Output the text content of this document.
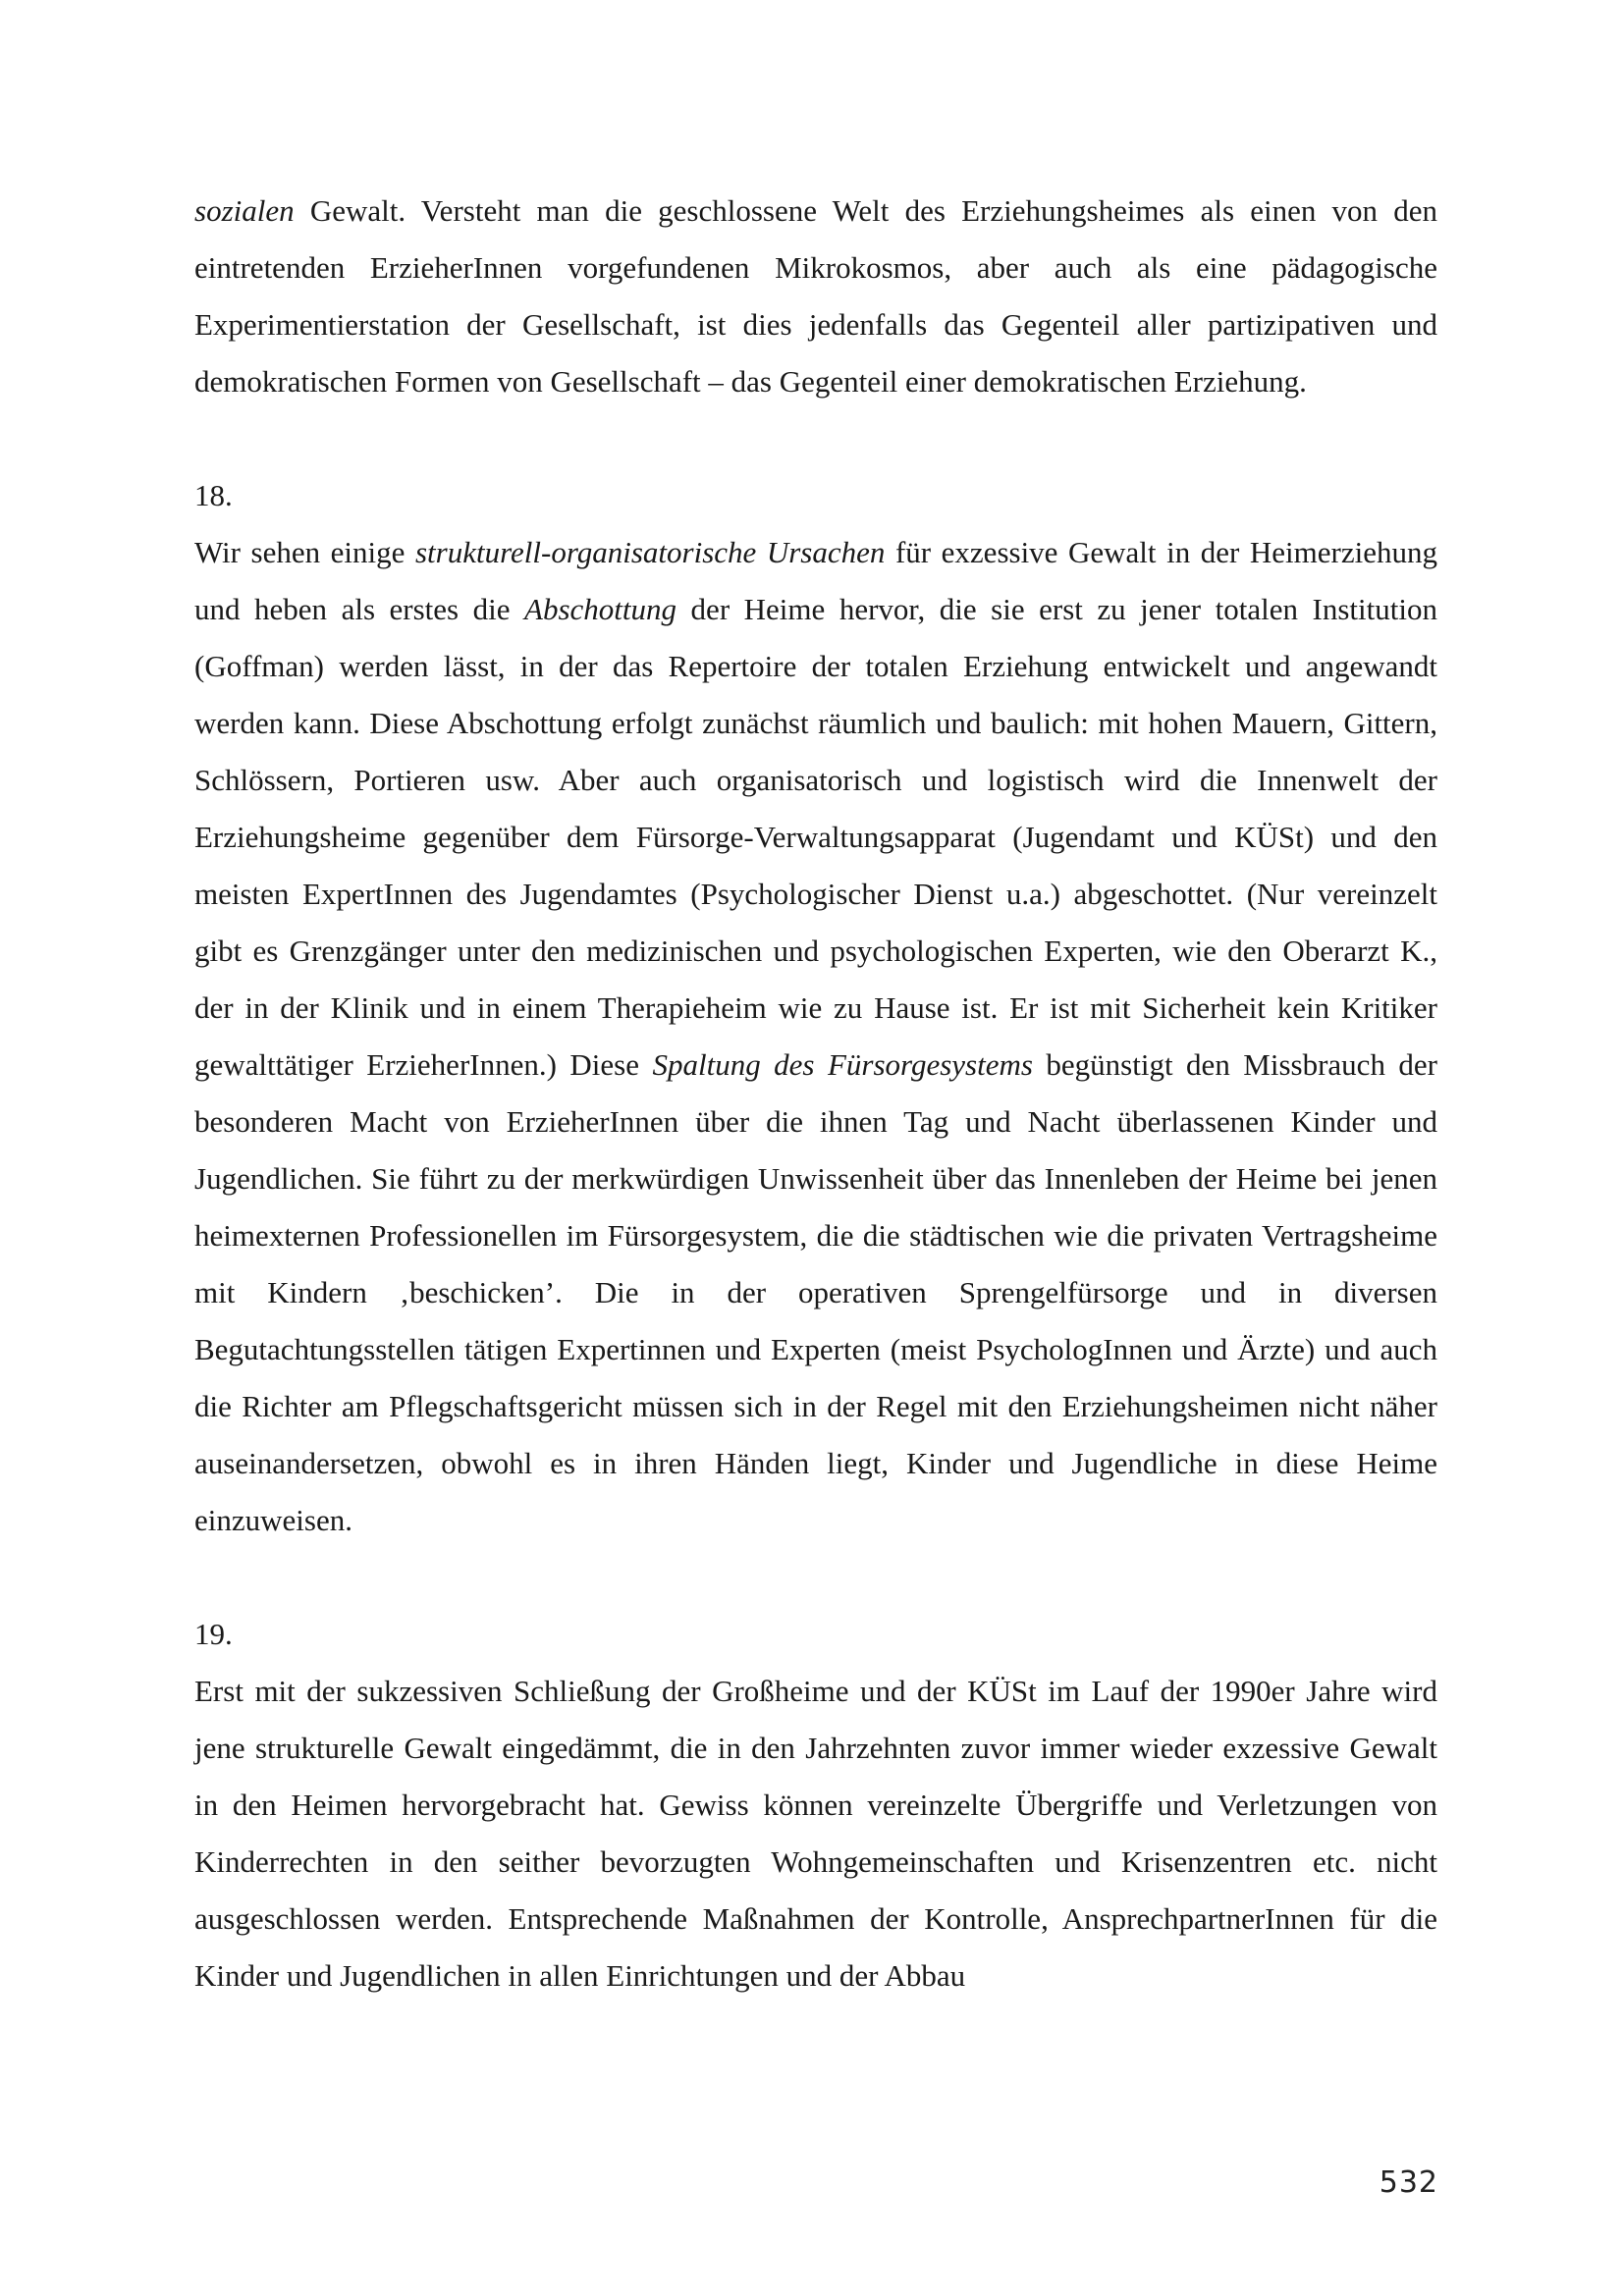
sozialen Gewalt. Versteht man die geschlossene Welt des Erziehungsheimes als einen von den eintretenden ErzieherInnen vorgefundenen Mikrokosmos, aber auch als eine pädagogische Experimentierstation der Gesellschaft, ist dies jedenfalls das Gegenteil aller partizipativen und demokratischen Formen von Gesellschaft – das Gegenteil einer demokratischen Erziehung.

18.

Wir sehen einige strukturell-organisatorische Ursachen für exzessive Gewalt in der Heimerziehung und heben als erstes die Abschottung der Heime hervor, die sie erst zu jener totalen Institution (Goffman) werden lässt, in der das Repertoire der totalen Erziehung entwickelt und angewandt werden kann. Diese Abschottung erfolgt zunächst räumlich und baulich: mit hohen Mauern, Gittern, Schlössern, Portieren usw. Aber auch organisatorisch und logistisch wird die Innenwelt der Erziehungsheime gegenüber dem Fürsorge-Verwaltungsapparat (Jugendamt und KÜSt) und den meisten ExpertInnen des Jugendamtes (Psychologischer Dienst u.a.) abgeschottet. (Nur vereinzelt gibt es Grenzgänger unter den medizinischen und psychologischen Experten, wie den Oberarzt K., der in der Klinik und in einem Therapieheim wie zu Hause ist. Er ist mit Sicherheit kein Kritiker gewalttätiger ErzieherInnen.) Diese Spaltung des Fürsorgesystems begünstigt den Missbrauch der besonderen Macht von ErzieherInnen über die ihnen Tag und Nacht überlassenen Kinder und Jugendlichen. Sie führt zu der merkwürdigen Unwissenheit über das Innenleben der Heime bei jenen heimexternen Professionellen im Fürsorgesystem, die die städtischen wie die privaten Vertragsheime mit Kindern ‚beschicken’. Die in der operativen Sprengelfürsorge und in diversen Begutachtungsstellen tätigen Expertinnen und Experten (meist PsychologInnen und Ärzte) und auch die Richter am Pflegschaftsgericht müssen sich in der Regel mit den Erziehungsheimen nicht näher auseinandersetzen, obwohl es in ihren Händen liegt, Kinder und Jugendliche in diese Heime einzuweisen.

19.

Erst mit der sukzessiven Schließung der Großheime und der KÜSt im Lauf der 1990er Jahre wird jene strukturelle Gewalt eingedämmt, die in den Jahrzehnten zuvor immer wieder exzessive Gewalt in den Heimen hervorgebracht hat. Gewiss können vereinzelte Übergriffe und Verletzungen von Kinderrechten in den seither bevorzugten Wohngemeinschaften und Krisenzentren etc. nicht ausgeschlossen werden. Entsprechende Maßnahmen der Kontrolle, AnsprechpartnerInnen für die Kinder und Jugendlichen in allen Einrichtungen und der Abbau

532
